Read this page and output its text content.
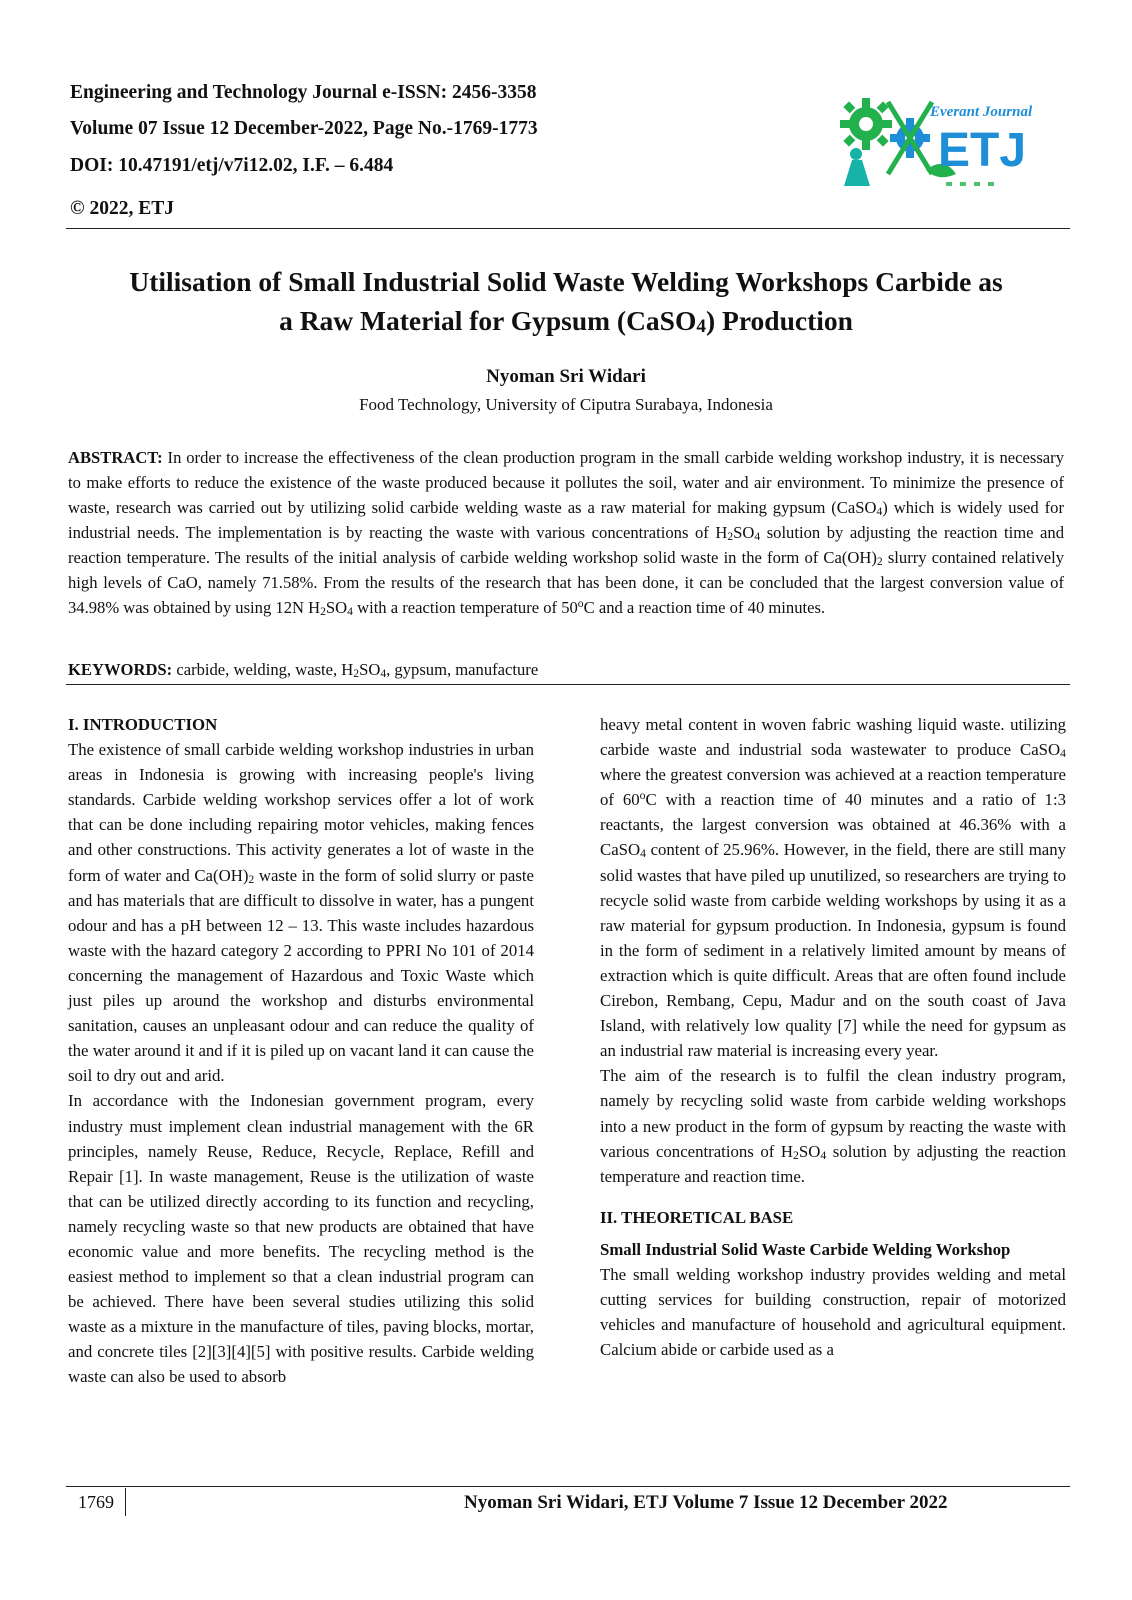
Engineering and Technology Journal e-ISSN: 2456-3358
Volume 07 Issue 12 December-2022, Page No.-1769-1773
DOI: 10.47191/etj/v7i12.02, I.F. – 6.484
© 2022, ETJ
Everant Journal
ETJ
Utilisation of Small Industrial Solid Waste Welding Workshops Carbide as
a Raw Material for Gypsum (CaSO$_4$) Production
Nyoman Sri Widari
Food Technology, University of Ciputra Surabaya, Indonesia
ABSTRACT: In order to increase the effectiveness of the clean production program in the small carbide welding workshop industry, it is necessary to make efforts to reduce the existence of the waste produced because it pollutes the soil, water and air environment. To minimize the presence of waste, research was carried out by utilizing solid carbide welding waste as a raw material for making gypsum (CaSO$_4$) which is widely used for industrial needs. The implementation is by reacting the waste with various concentrations of $H_2SO_4$ solution by adjusting the reaction time and reaction temperature. The results of the initial analysis of carbide welding workshop solid waste in the form of $Ca(OH)_2$ slurry contained relatively high levels of CaO, namely 71.58%. From the results of the research that has been done, it can be concluded that the largest conversion value of 34.98% was obtained by using 12N $H_2SO_4$ with a reaction temperature of 50$^o$C and a reaction time of 40 minutes.
KEYWORDS: carbide, welding, waste, $H_2SO_4$, gypsum, manufacture

I. INTRODUCTION

The existence of small carbide welding workshop industries in urban areas in Indonesia is growing with increasing people's living standards. Carbide welding workshop services offer a lot of work that can be done including repairing motor vehicles, making fences and other constructions. This activity generates a lot of waste in the form of water and $Ca(OH)_2$ waste in the form of solid slurry or paste and has materials that are difficult to dissolve in water, has a pungent odour and has a pH between 12 – 13. This waste includes hazardous waste with the hazard category 2 according to PPRI No 101 of 2014 concerning the management of Hazardous and Toxic Waste which just piles up around the workshop and disturbs environmental sanitation, causes an unpleasant odour and can reduce the quality of the water around it and if it is piled up on vacant land it can cause the soil to dry out and arid.

In accordance with the Indonesian government program, every industry must implement clean industrial management with the 6R principles, namely Reuse, Reduce, Recycle, Replace, Refill and Repair [1]. In waste management, Reuse is the utilization of waste that can be utilized directly according to its function and recycling, namely recycling waste so that new products are obtained that have economic value and more benefits. The recycling method is the easiest method to implement so that a clean industrial program can be achieved. There have been several studies utilizing this solid waste as a mixture in the manufacture of tiles, paving blocks, mortar, and concrete tiles [2][3][4][5] with positive results. Carbide welding waste can also be used to absorb

heavy metal content in woven fabric washing liquid waste. utilizing carbide waste and industrial soda wastewater to produce CaSO$_4$ where the greatest conversion was achieved at a reaction temperature of 60$^o$C with a reaction time of 40 minutes and a ratio of 1:3 reactants, the largest conversion was obtained at 46.36% with a CaSO$_4$ content of 25.96%. However, in the field, there are still many solid wastes that have piled up unutilized, so researchers are trying to recycle solid waste from carbide welding workshops by using it as a raw material for gypsum production. In Indonesia, gypsum is found in the form of sediment in a relatively limited amount by means of extraction which is quite difficult. Areas that are often found include Cirebon, Rembang, Cepu, Madur and on the south coast of Java Island, with relatively low quality [7] while the need for gypsum as an industrial raw material is increasing every year.

The aim of the research is to fulfil the clean industry program, namely by recycling solid waste from carbide welding workshops into a new product in the form of gypsum by reacting the waste with various concentrations of $H_2SO_4$ solution by adjusting the reaction temperature and reaction time.

II. THEORETICAL BASE

Small Industrial Solid Waste Carbide Welding Workshop

The small welding workshop industry provides welding and metal cutting services for building construction, repair of motorized vehicles and manufacture of household and agricultural equipment. Calcium abide or carbide used as a

1769	Nyoman Sri Widari, ETJ Volume 7 Issue 12 December 2022
